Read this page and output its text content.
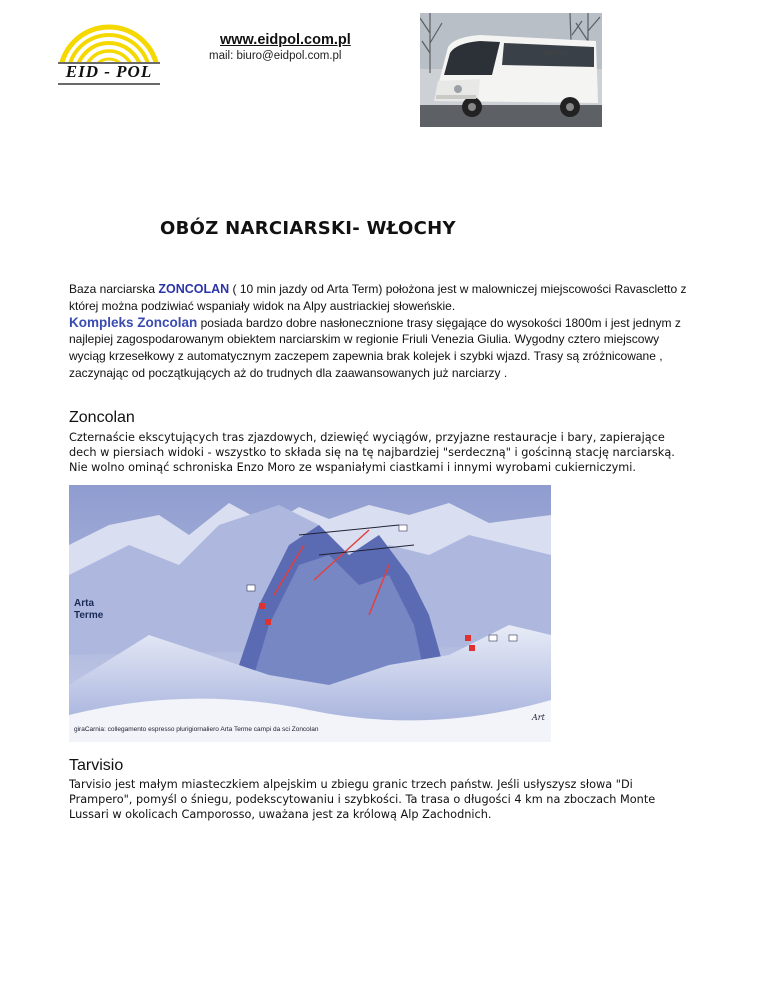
EID - POL
www.eidpol.com.pl
mail: biuro@eidpol.com.pl	EID-POL
OBÓZ NARCIARSKI- WŁOCHY

Baza narciarska ZONCOLAN ( 10 min jazdy od Arta Term) położona jest w malowniczej miejscowości Ravascletto z której można podziwiać wspaniały widok na Alpy austriackiej słoweńskie.
Kompleks Zoncolan posiada bardzo dobre nasłonecznione trasy sięgające do wysokości 1800m i jest jednym z najlepiej zagospodarowanym obiektem narciarskim w regionie Friuli Venezia Giulia. Wygodny cztero miejscowy wyciąg krzesełkowy z automatycznym zaczepem zapewnia brak kolejek i szybki wjazd. Trasy są zróżnicowane , zaczynając od początkujących aż do trudnych dla zaawansowanych już narciarzy .

Zoncolan

Czternaście ekscytujących tras zjazdowych, dziewięć wyciągów, przyjazne restauracje i bary, zapierające dech w piersiach widoki - wszystko to składa się na tę najbardziej "serdeczną" i gościnną stację narciarską. Nie wolno ominąć schroniska Enzo Moro ze wspaniałymi ciastkami i innymi wyrobami cukierniczymi.

Art
Arta
Terme
giraCarnia: collegamento espresso plurigiornaliero Arta Terme campi da sci Zoncolan
Tarvisio

Tarvisio jest małym miasteczkiem alpejskim u zbiegu granic trzech państw. Jeśli usłyszysz słowa "Di Prampero", pomyśl o śniegu, podekscytowaniu i szybkości. Ta trasa o długości 4 km na zboczach Monte Lussari w okolicach Camporosso, uważana jest za królową Alp Zachodnich.
